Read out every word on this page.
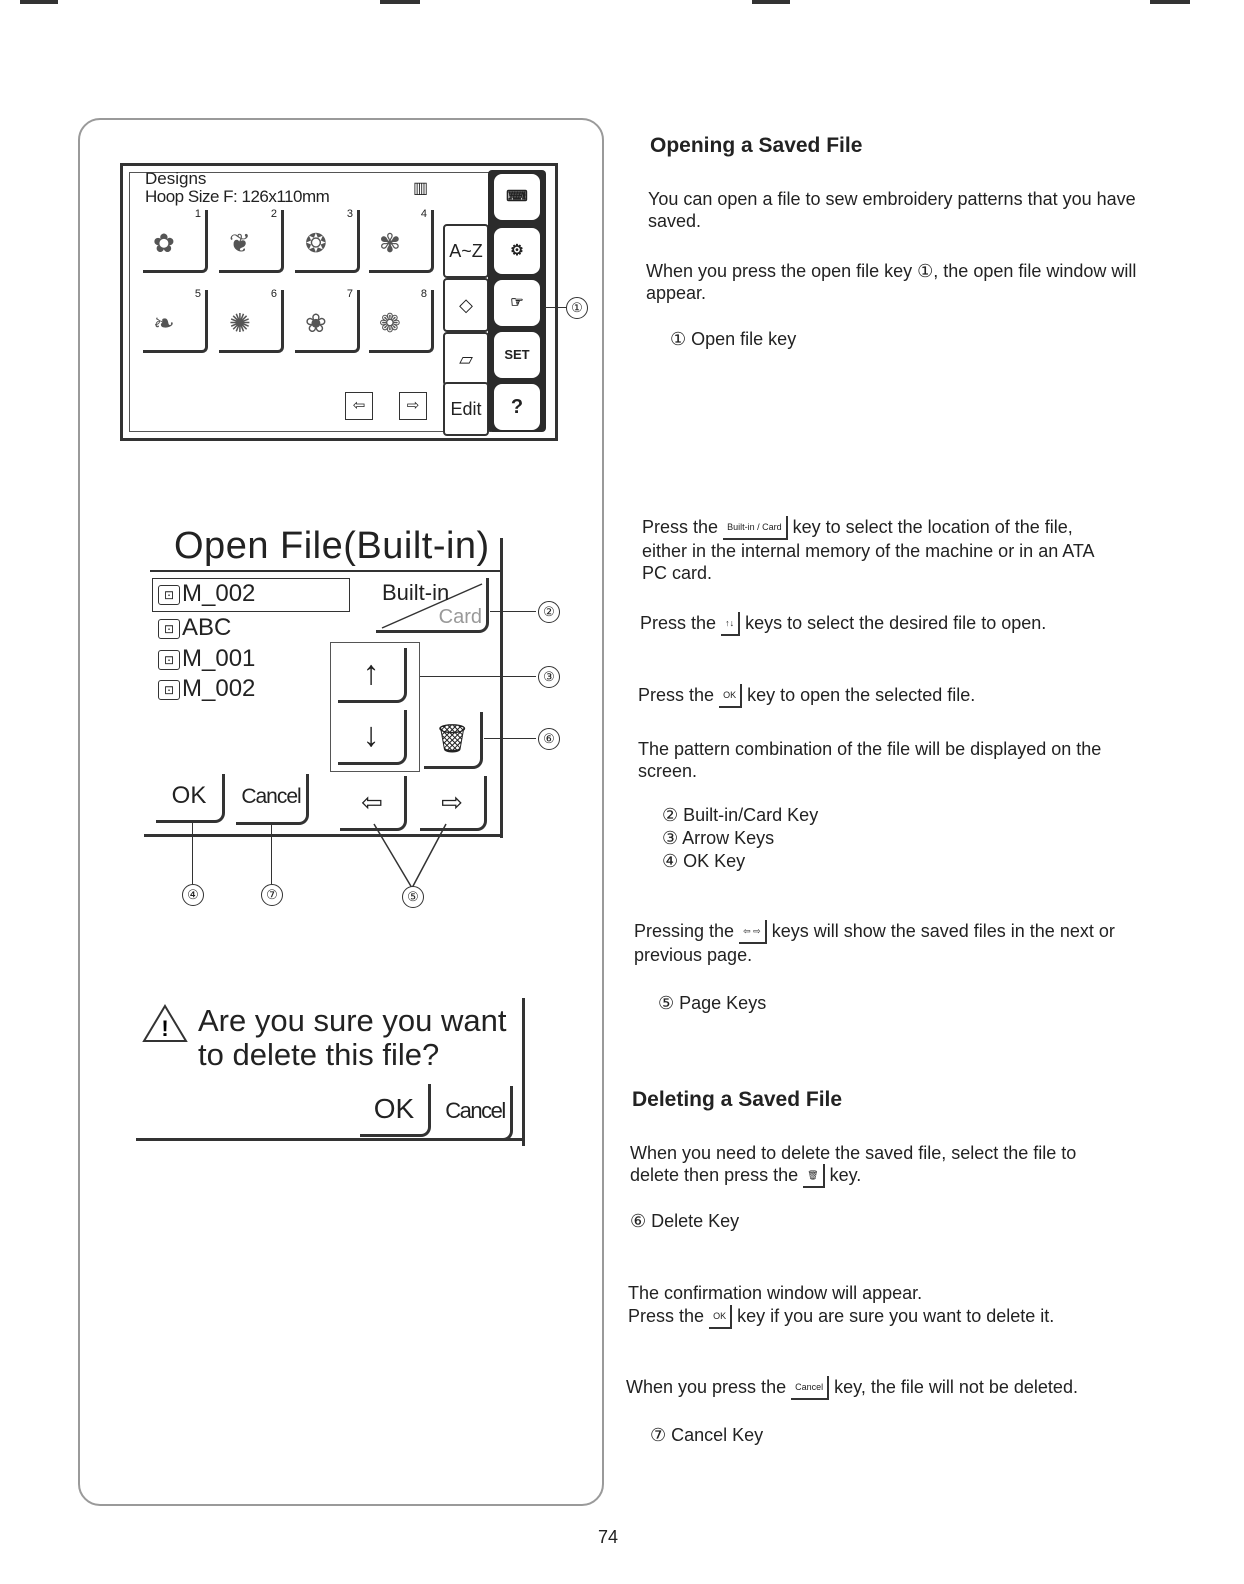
Designs
Hoop Size F: 126x110mm	▥
1
✿
2
❦
3
❂
4
✾
5
❧
6
✺
7
❀
8
❁
⇦	⇨
A~Z
◇
▱
Edit
⌨
⚙
☞
SET
?
①
Open File(Built-in)
⊡ M_002
⊡ ABC
⊡ M_001
⊡ M_002
Built-in
Card	②
↑
↓
③
🗑	⑥
OK	Cancel	⇦	⇨
④	⑦	⑤
! Are you sure you want
to delete this file?
OK	Cancel
Opening a Saved File
You can open a file to sew embroidery patterns that you have saved.
When you press the open file key ①, the open file window will appear.
① Open file key
Press the Built-in / Card key to select the location of the file, either in the internal memory of the machine or in an ATA PC card.
Press the ↑↓ keys to select the desired file to open.
Press the OK key to open the selected file.
The pattern combination of the file will be displayed on the screen.
② Built-in/Card Key
③ Arrow Keys
④ OK Key
Pressing the ⇦ ⇨ keys will show the saved files in the next or previous page.
⑤ Page Keys
Deleting a Saved File
When you need to delete the saved file, select the file to delete then press the 🗑 key.
⑥ Delete Key
The confirmation window will appear.
Press the OK key if you are sure you want to delete it.
When you press the Cancel key, the file will not be deleted.
⑦ Cancel Key
74
